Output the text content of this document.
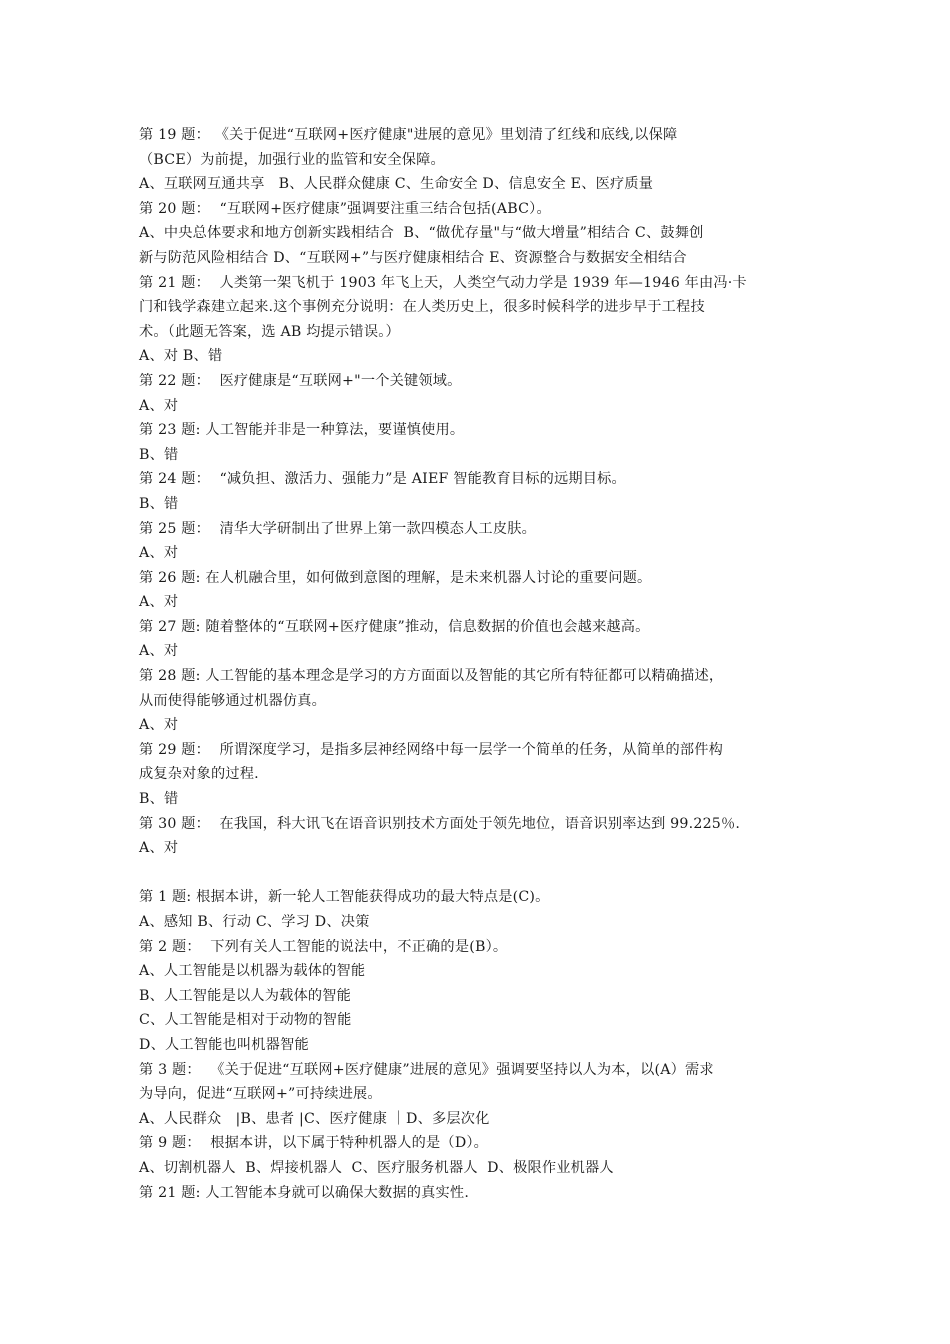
第 19 题： 《关于促进“互联网+医疗健康"进展的意见》里划清了红线和底线,以保障
（BCE）为前提，加强行业的监管和安全保障。
A、互联网互通共享   B、人民群众健康 C、生命安全 D、信息安全 E、医疗质量
第 20 题：  “互联网+医疗健康”强调要注重三结合包括(ABC）。
A、中央总体要求和地方创新实践相结合  B、“做优存量"与“做大增量”相结合 C、鼓舞创
新与防范风险相结合 D、“互联网+”与医疗健康相结合 E、资源整合与数据安全相结合
第 21 题：  人类第一架飞机于 1903 年飞上天，人类空气动力学是 1939 年—1946 年由冯·卡
门和钱学森建立起来.这个事例充分说明：在人类历史上，很多时候科学的进步早于工程技
术。（此题无答案，选 AB 均提示错误。）
A、对 B、错
第 22 题：  医疗健康是“互联网+"一个关键领域。
A、对
第 23 题: 人工智能并非是一种算法，要谨慎使用。
B、错
第 24 题：  “减负担、激活力、强能力”是 AIEF 智能教育目标的远期目标。
B、错
第 25 题：  清华大学研制出了世界上第一款四模态人工皮肤。
A、对
第 26 题: 在人机融合里，如何做到意图的理解，是未来机器人讨论的重要问题。
A、对
第 27 题: 随着整体的“互联网+医疗健康”推动，信息数据的价值也会越来越高。
A、对
第 28 题: 人工智能的基本理念是学习的方方面面以及智能的其它所有特征都可以精确描述，
从而使得能够通过机器仿真。
A、对
第 29 题：  所谓深度学习，是指多层神经网络中每一层学一个简单的任务，从简单的部件构
成复杂对象的过程.
B、错
第 30 题：  在我国，科大讯飞在语音识别技术方面处于领先地位，语音识别率达到 99.225％.
A、对
第 1 题: 根据本讲，新一轮人工智能获得成功的最大特点是(C)。
A、感知 B、行动 C、学习 D、决策
第 2 题：  下列有关人工智能的说法中，不正确的是(B）。
A、人工智能是以机器为载体的智能
B、人工智能是以人为载体的智能
C、人工智能是相对于动物的智能
D、人工智能也叫机器智能
第 3 题：  《关于促进“互联网+医疗健康”进展的意见》强调要坚持以人为本，以(A）需求
为导向，促进“互联网+”可持续进展。
A、人民群众   |B、患者 |C、医疗健康 ｜D、多层次化
第 9 题：  根据本讲，以下属于特种机器人的是（D）。
A、切割机器人  B、焊接机器人  C、医疗服务机器人  D、极限作业机器人
第 21 题: 人工智能本身就可以确保大数据的真实性.
